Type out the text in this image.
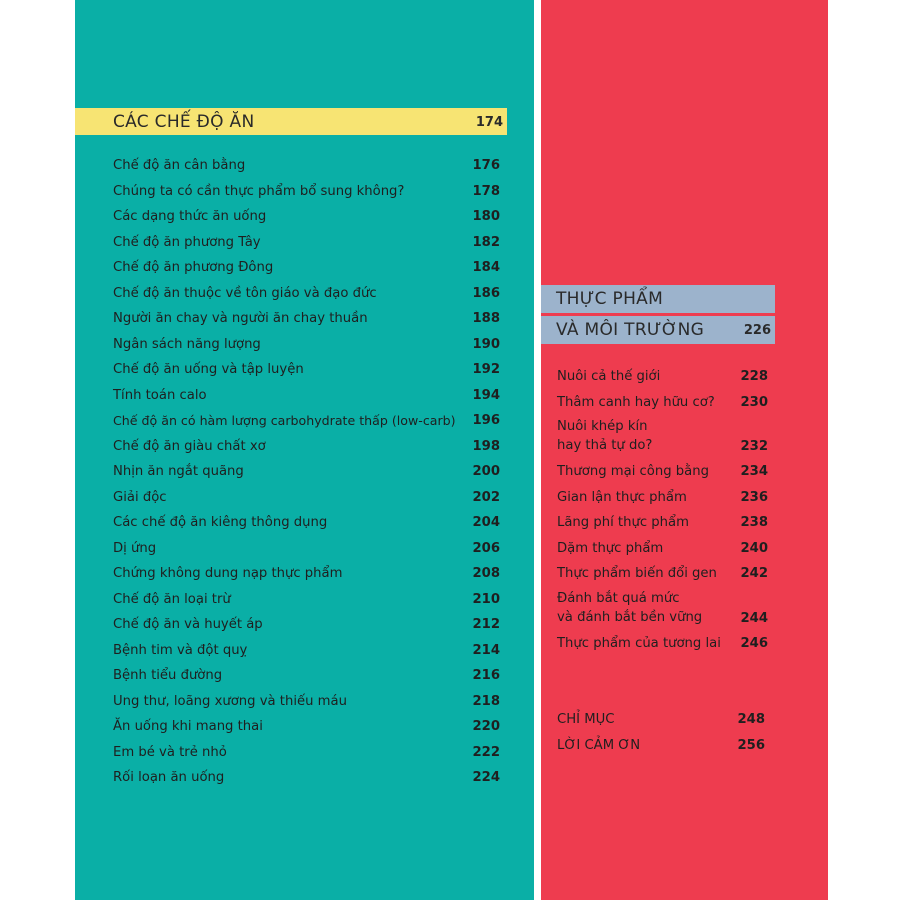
CÁC CHẾ ĐỘ ĂN	174
Chế độ ăn cân bằng	176
Chúng ta có cần thực phẩm bổ sung không?	178
Các dạng thức ăn uống	180
Chế độ ăn phương Tây	182
Chế độ ăn phương Đông	184
Chế độ ăn thuộc về tôn giáo và đạo đức	186
Người ăn chay và người ăn chay thuần	188
Ngân sách năng lượng	190
Chế độ ăn uống và tập luyện	192
Tính toán calo	194
Chế độ ăn có hàm lượng carbohydrate thấp (low-carb) 196
Chế độ ăn giàu chất xơ	198
Nhịn ăn ngắt quãng	200
Giải độc	202
Các chế độ ăn kiêng thông dụng	204
Dị ứng	206
Chứng không dung nạp thực phẩm	208
Chế độ ăn loại trừ	210
Chế độ ăn và huyết áp	212
Bệnh tim và đột quỵ	214
Bệnh tiểu đường	216
Ung thư, loãng xương và thiếu máu	218
Ăn uống khi mang thai	220
Em bé và trẻ nhỏ	222
Rối loạn ăn uống	224
THỰC PHẨM
VÀ MÔI TRƯỜNG	226
Nuôi cả thế giới	228
Thâm canh hay hữu cơ? 230
Nuôi khép kín
hay thả tự do?	232
Thương mại công bằng 234
Gian lận thực phẩm	236
Lãng phí thực phẩm	238
Dặm thực phẩm	240
Thực phẩm biến đổi gen 242
Đánh bắt quá mức
và đánh bắt bền vững	244
Thực phẩm của tương lai 246
CHỈ MỤC	248
LỜI CẢM ƠN	256
